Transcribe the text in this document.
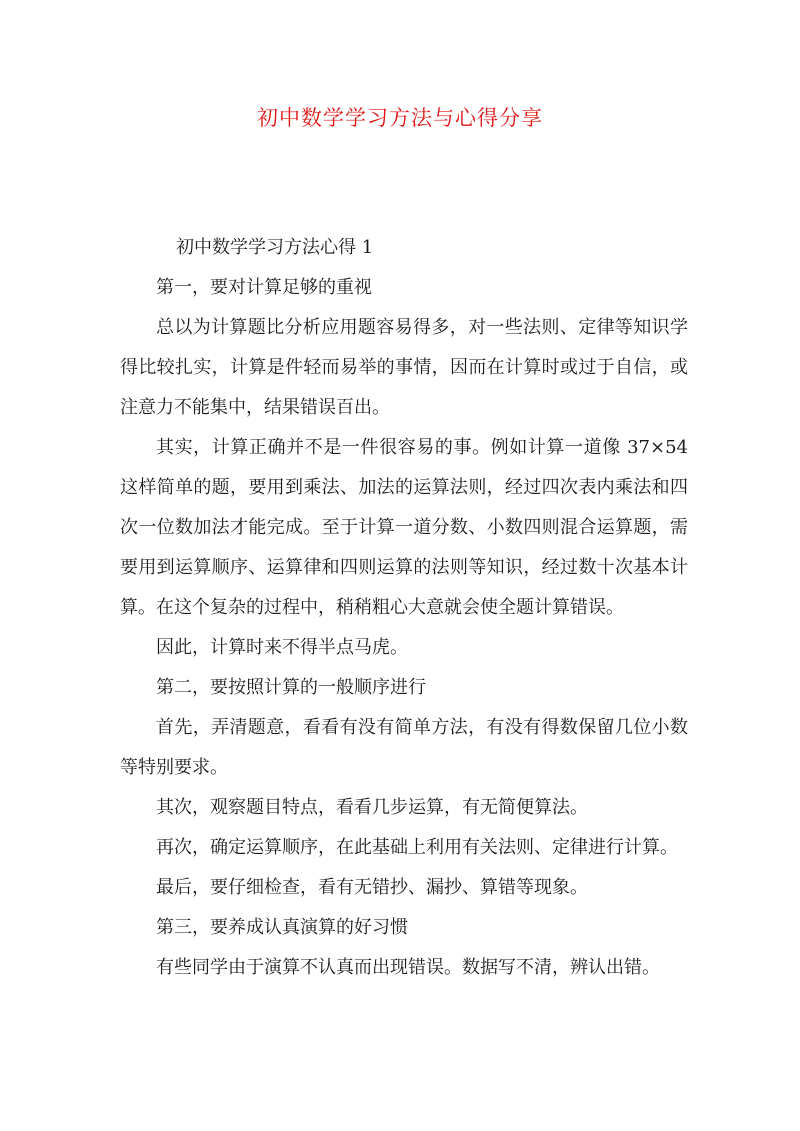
初中数学学习方法与心得分享

初中数学学习方法心得 1

第一，要对计算足够的重视

总以为计算题比分析应用题容易得多，对一些法则、定律等知识学得比较扎实，计算是件轻而易举的事情，因而在计算时或过于自信，或注意力不能集中，结果错误百出。

其实，计算正确并不是一件很容易的事。例如计算一道像 37×54 这样简单的题，要用到乘法、加法的运算法则，经过四次表内乘法和四次一位数加法才能完成。至于计算一道分数、小数四则混合运算题，需要用到运算顺序、运算律和四则运算的法则等知识，经过数十次基本计算。在这个复杂的过程中，稍稍粗心大意就会使全题计算错误。

因此，计算时来不得半点马虎。

第二，要按照计算的一般顺序进行

首先，弄清题意，看看有没有简单方法，有没有得数保留几位小数等特别要求。

其次，观察题目特点，看看几步运算，有无简便算法。

再次，确定运算顺序，在此基础上利用有关法则、定律进行计算。

最后，要仔细检查，看有无错抄、漏抄、算错等现象。

第三，要养成认真演算的好习惯

有些同学由于演算不认真而出现错误。数据写不清，辨认出错。
